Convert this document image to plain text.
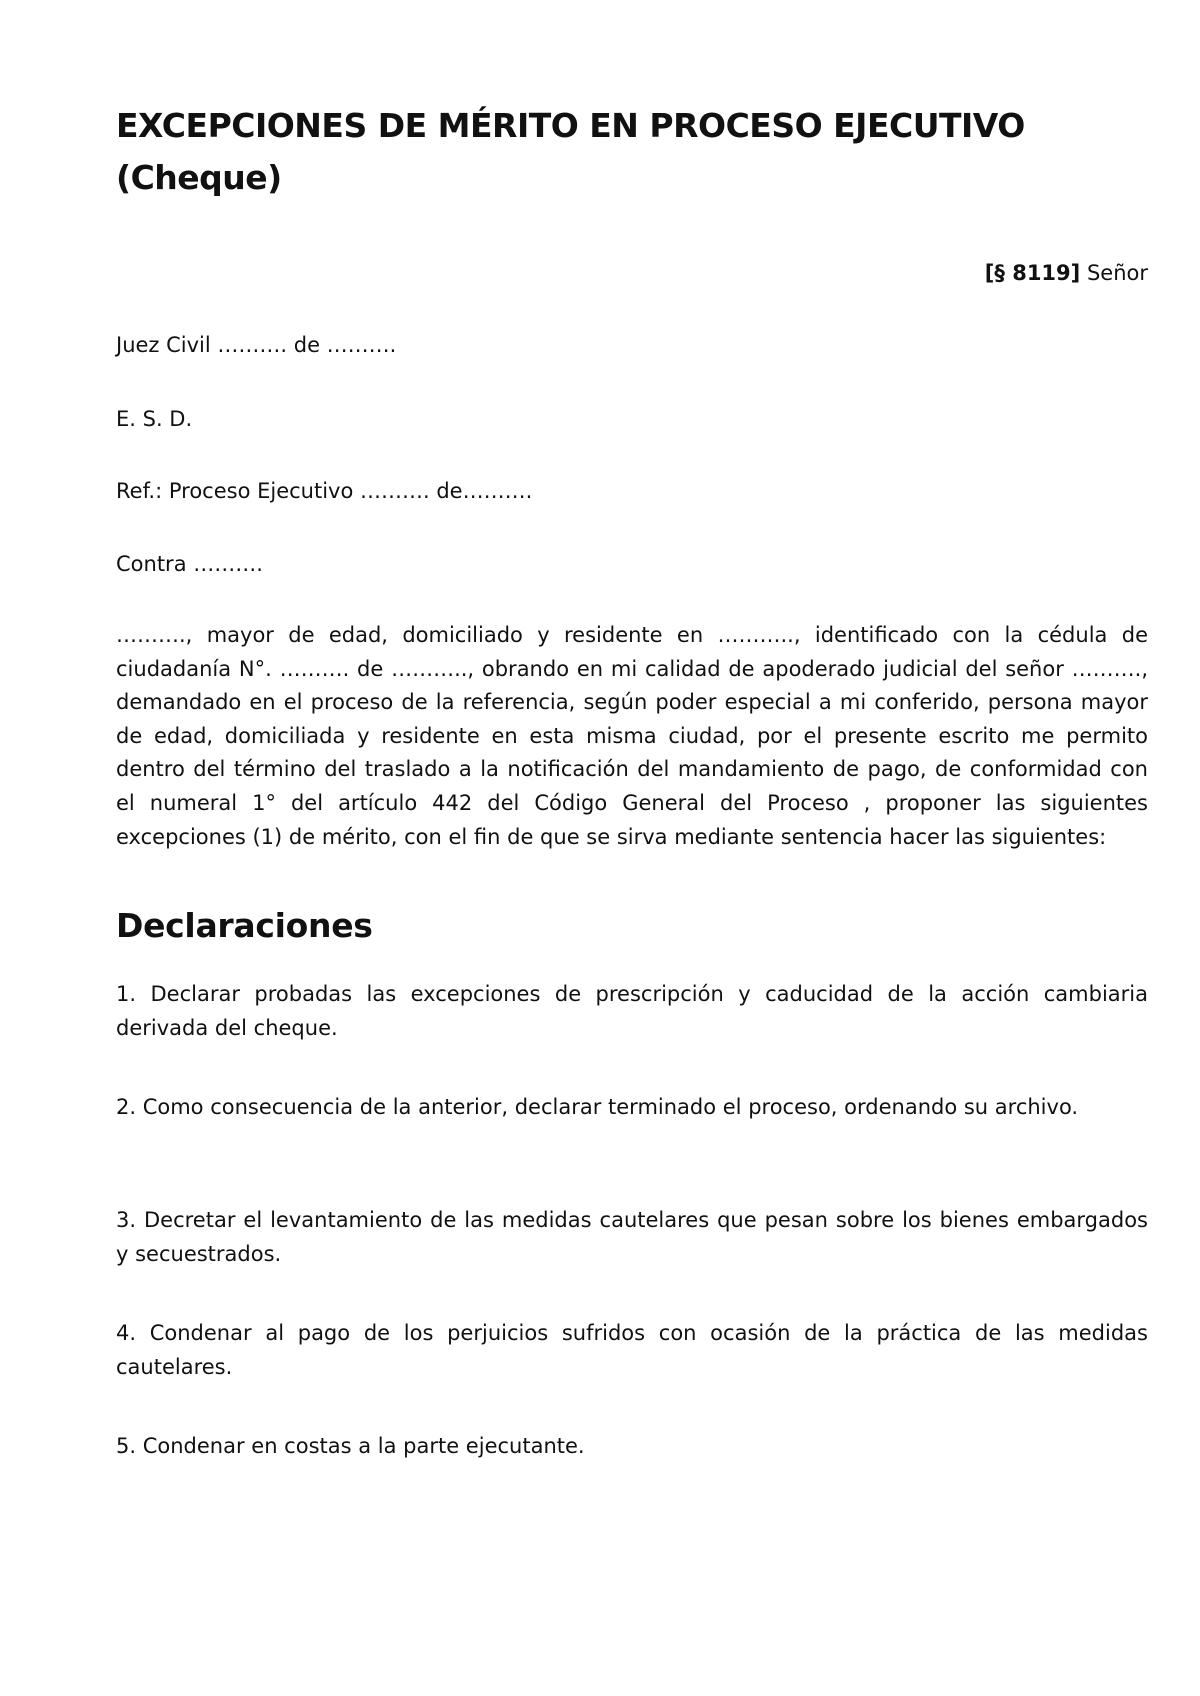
EXCEPCIONES DE MÉRITO EN PROCESO EJECUTIVO (Cheque)

[§ 8119] Señor

Juez Civil ………. de ……….

E. S. D.

Ref.: Proceso Ejecutivo ………. de……….

Contra ……….

………., mayor de edad, domiciliado y residente en ……….., identificado con la cédula de ciudadanía N°. ………. de ……….., obrando en mi calidad de apoderado judicial del señor ………., demandado en el proceso de la referencia, según poder especial a mi conferido, persona mayor de edad, domiciliada y residente en esta misma ciudad, por el presente escrito me permito dentro del término del traslado a la notificación del mandamiento de pago, de conformidad con el numeral 1° del artículo 442 del Código General del Proceso , proponer las siguientes excepciones (1) de mérito, con el fin de que se sirva mediante sentencia hacer las siguientes:

Declaraciones

1. Declarar probadas las excepciones de prescripción y caducidad de la acción cambiaria derivada del cheque.

2. Como consecuencia de la anterior, declarar terminado el proceso, ordenando su archivo.

3. Decretar el levantamiento de las medidas cautelares que pesan sobre los bienes embargados y secuestrados.

4. Condenar al pago de los perjuicios sufridos con ocasión de la práctica de las medidas cautelares.

5. Condenar en costas a la parte ejecutante.
